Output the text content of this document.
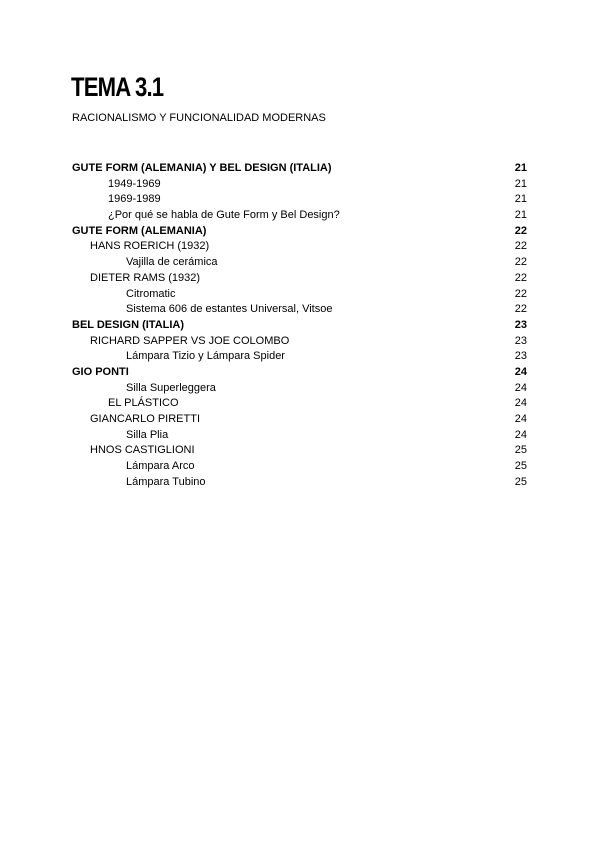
TEMA 3.1
RACIONALISMO Y FUNCIONALIDAD MODERNAS
GUTE FORM (ALEMANIA) Y BEL DESIGN (ITALIA)	21
1949-1969	21
1969-1989	21
¿Por qué se habla de Gute Form y Bel Design?	21
GUTE FORM (ALEMANIA)	22
HANS ROERICH (1932)	22
Vajilla de cerámica	22
DIETER RAMS (1932)	22
Citromatic	22
Sistema 606 de estantes Universal, Vitsoe	22
BEL DESIGN (ITALIA)	23
RICHARD SAPPER VS JOE COLOMBO	23
Lámpara Tizio y Lámpara Spider	23
GIO PONTI	24
Silla Superleggera	24
EL PLÁSTICO	24
GIANCARLO PIRETTI	24
Silla Plia	24
HNOS CASTIGLIONI	25
Lámpara Arco	25
Lámpara Tubino	25
